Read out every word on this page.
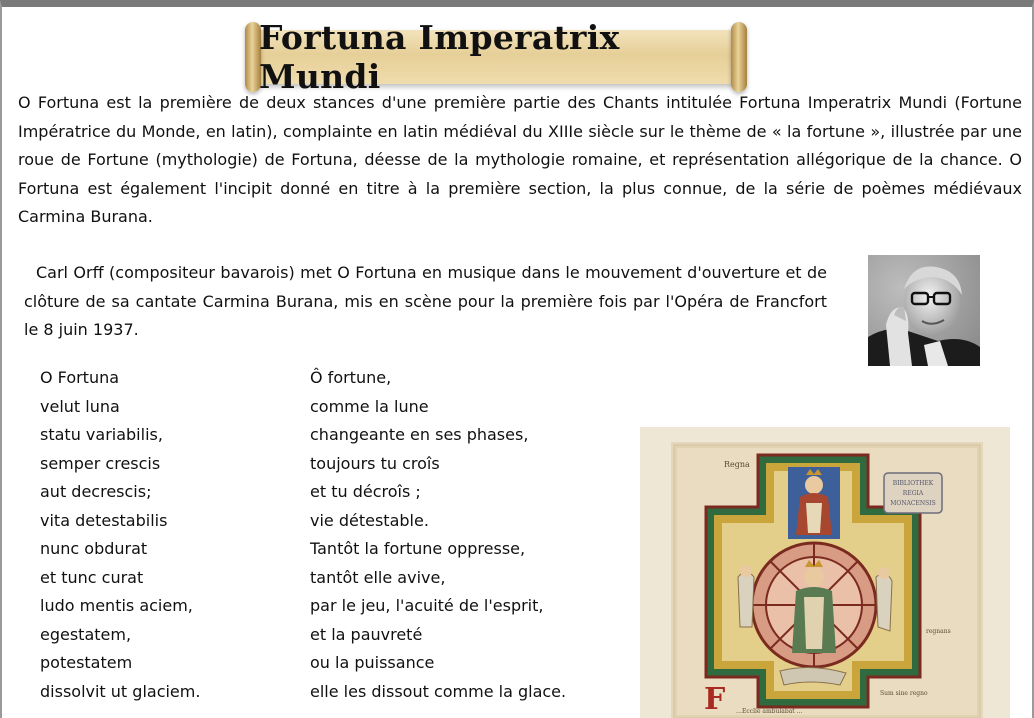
Fortuna Imperatrix Mundi

O Fortuna est la première de deux stances d'une première partie des Chants intitulée Fortuna Imperatrix Mundi (Fortune Impératrice du Monde, en latin), complainte en latin médiéval du XIIIe siècle sur le thème de « la fortune », illustrée par une roue de Fortune (mythologie) de Fortuna, déesse de la mythologie romaine, et représentation allégorique de la chance. O Fortuna est également l'incipit donné en titre à la première section, la plus connue, de la série de poèmes médiévaux Carmina Burana.

Carl Orff (compositeur bavarois) met O Fortuna en musique dans le mouvement d'ouverture et de clôture de sa cantate Carmina Burana, mis en scène pour la première fois par l'Opéra de Francfort le 8 juin 1937.

O Fortuna
velut luna
statu variabilis,
semper crescis
aut decrescis;
vita detestabilis
nunc obdurat
et tunc curat
ludo mentis aciem,
egestatem,
potestatem
dissolvit ut glaciem.
Ô fortune,
comme la lune
changeante en ses phases,
toujours tu croîs
et tu décroîs ;
vie détestable.
Tantôt la fortune oppresse,
tantôt elle avive,
par le jeu, l'acuité de l'esprit,
et la pauvreté
ou la puissance
elle les dissout comme la glace.
BIBLIOTHEK
REGIA
MONACENSIS
Regna
regnans
Sum sine regno
F …Ecclie ambulabat …
